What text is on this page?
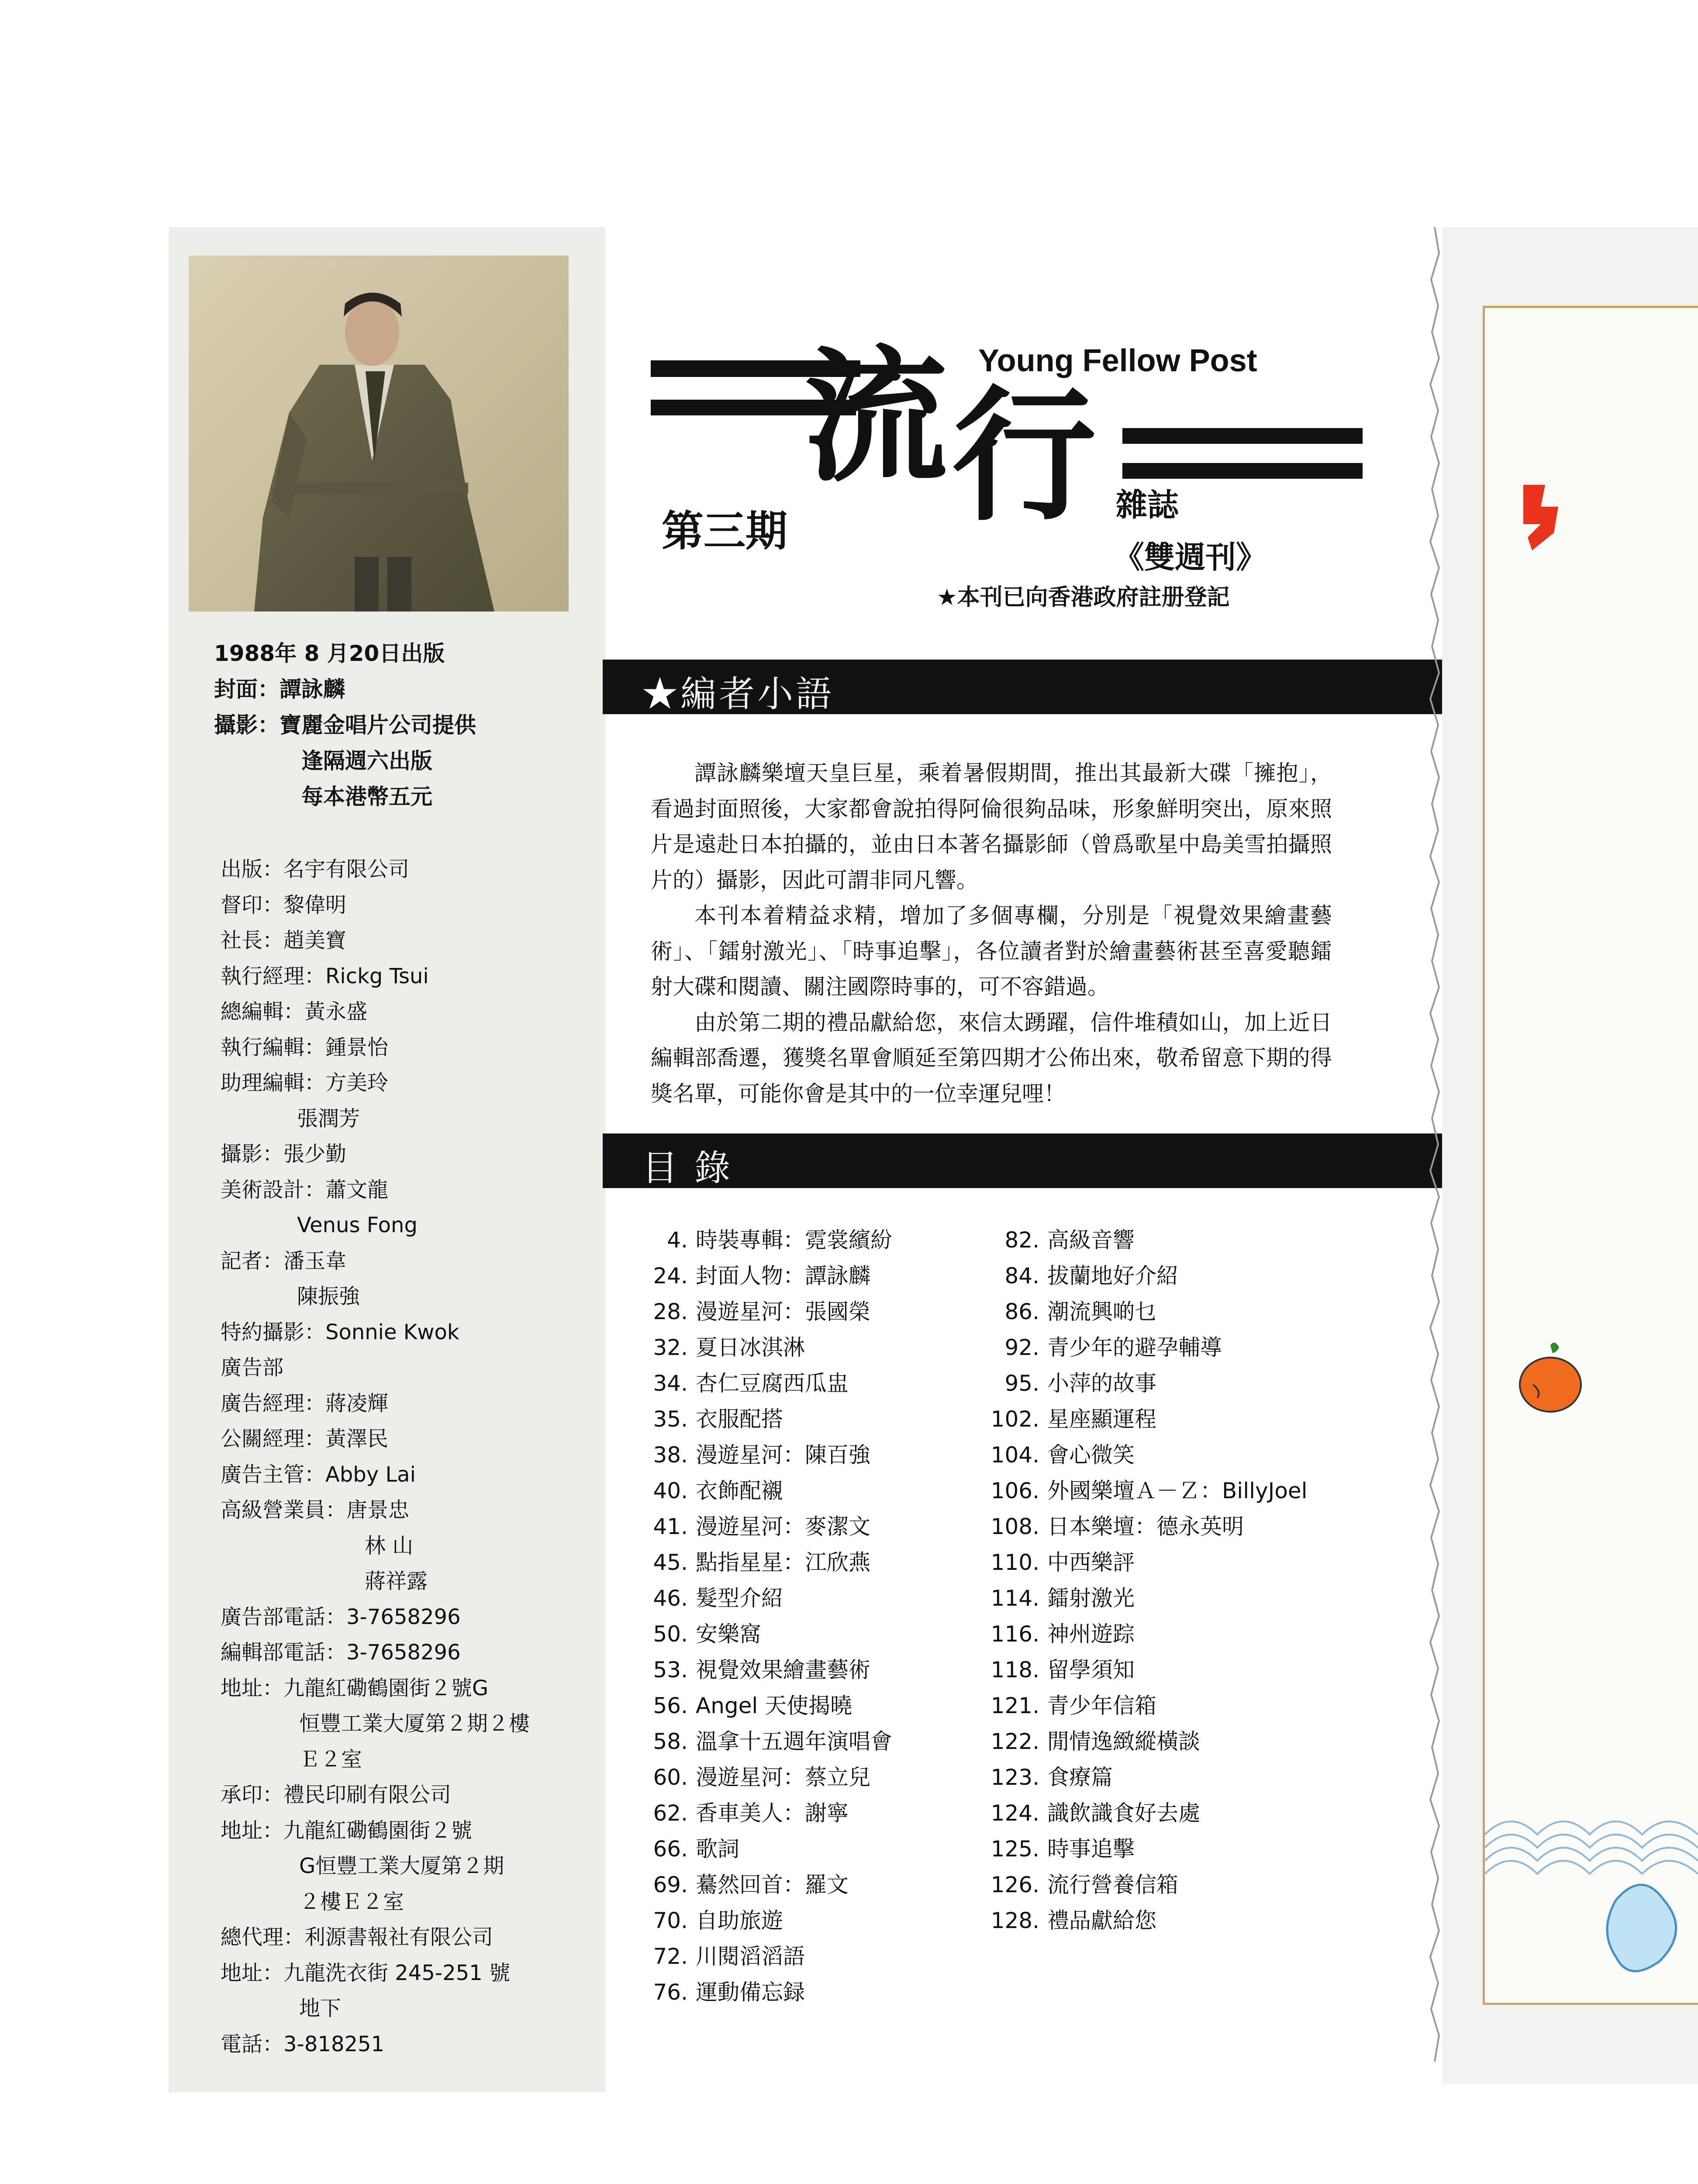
1988年 8 月20日出版
封面：譚詠麟
攝影：寶麗金唱片公司提供
逢隔週六出版
每本港幣五元
出版：名宇有限公司
督印：黎偉明
社長：趙美寶
執行經理：Rickg Tsui
總編輯：黃永盛
執行編輯：鍾景怡
助理編輯：方美玲
張潤芳
攝影：張少勤
美術設計：蕭文龍
Venus Fong
記者：潘玉韋
陳振強
特約攝影：Sonnie Kwok
廣告部
廣告經理：蔣凌輝
公關經理：黃澤民
廣告主管：Abby Lai
高級營業員：唐景忠
林 山
蔣祥露
廣告部電話：3-7658296
編輯部電話：3-7658296
地址：九龍紅磡鶴園街２號G
恒豐工業大厦第２期２樓
Ｅ２室
承印：禮民印刷有限公司
地址：九龍紅磡鶴園街２號
G恒豐工業大厦第２期
２樓Ｅ２室
總代理：利源書報社有限公司
地址：九龍洗衣街 245-251 號
地下
電話：3-818251
流 行
Young Fellow Post
第三期
雜誌
《雙週刊》
★本刊已向香港政府註册登記
★編者小語

譚詠麟樂壇天皇巨星，乘着暑假期間，推出其最新大碟「擁抱」，看過封面照後，大家都會說拍得阿倫很夠品味，形象鮮明突出，原來照片是遠赴日本拍攝的，並由日本著名攝影師（曾爲歌星中島美雪拍攝照片的）攝影，因此可謂非同凡響。

本刊本着精益求精，增加了多個專欄，分別是「視覺效果繪畫藝術」、「鐳射激光」、「時事追擊」，各位讀者對於繪畫藝術甚至喜愛聽鐳射大碟和閱讀、關注國際時事的，可不容錯過。

由於第二期的禮品獻給您，來信太踴躍，信件堆積如山，加上近日編輯部喬遷，獲獎名單會順延至第四期才公佈出來，敬希留意下期的得獎名單，可能你會是其中的一位幸運兒哩！

目 錄
4. 時裝專輯：霓裳繽紛
24. 封面人物：譚詠麟
28. 漫遊星河：張國榮
32. 夏日冰淇淋
34. 杏仁豆腐西瓜盅
35. 衣服配搭
38. 漫遊星河：陳百強
40. 衣飾配襯
41. 漫遊星河：麥潔文
45. 點指星星：江欣燕
46. 髮型介紹
50. 安樂窩
53. 視覺效果繪畫藝術
56. Angel 天使揭曉
58. 溫拿十五週年演唱會
60. 漫遊星河：蔡立兒
62. 香車美人：謝寧
66. 歌詞
69. 驀然回首：羅文
70. 自助旅遊
72. 川閱滔滔語
76. 運動備忘録
82. 高級音響
84. 拔蘭地好介紹
86. 潮流興啲乜
92. 青少年的避孕輔導
95. 小萍的故事
102. 星座顯運程
104. 會心微笑
106. 外國樂壇Ａ－Ｚ：BillyJoel
108. 日本樂壇：德永英明
110. 中西樂評
114. 鐳射激光
116. 神州遊踪
118. 留學須知
121. 青少年信箱
122. 閒情逸緻縱橫談
123. 食療篇
124. 識飲識食好去處
125. 時事追擊
126. 流行營養信箱
128. 禮品獻給您
